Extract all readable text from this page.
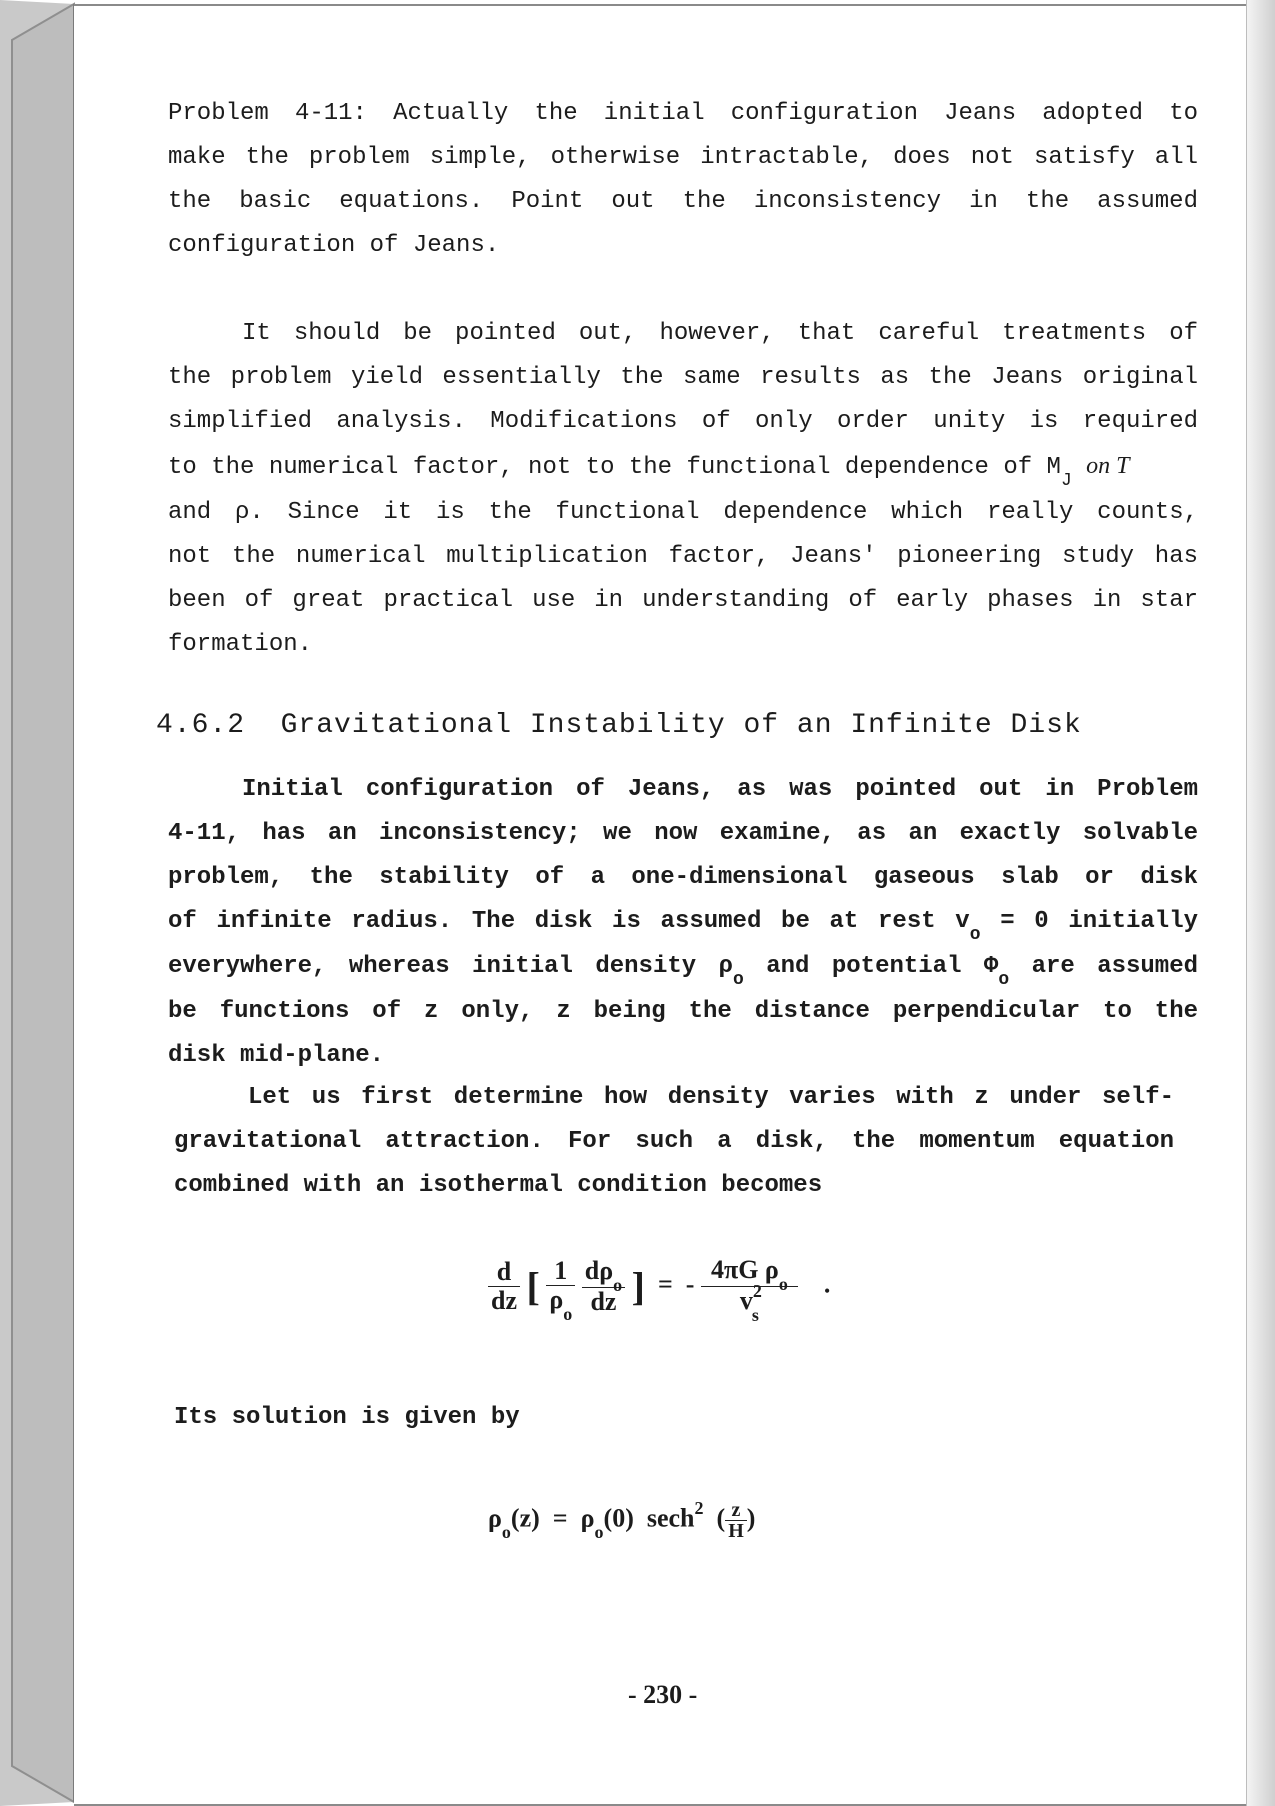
Problem 4-11: Actually the initial configuration Jeans adopted to
make the problem simple, otherwise intractable, does not satisfy all
the basic equations. Point out the inconsistency in the assumed
configuration of Jeans.
It should be pointed out, however, that careful treatments of
the problem yield essentially the same results as the Jeans original
simplified analysis. Modifications of only order unity is required
to the numerical factor, not to the functional dependence of $M_J$ on T
and ρ. Since it is the functional dependence which really counts,
not the numerical multiplication factor, Jeans' pioneering study has
been of great practical use in understanding of early phases in star
formation.
4.6.2 Gravitational Instability of an Infinite Disk
Initial configuration of Jeans, as was pointed out in Problem
4-11, has an inconsistency; we now examine, as an exactly solvable
problem, the stability of a one-dimensional gaseous slab or disk
of infinite radius. The disk is assumed be at rest $v_o = 0$ initially
everywhere, whereas initial density $\rho_o$ and potential $\Phi_o$ are assumed
be functions of z only, z being the distance perpendicular to the
disk mid-plane.
Let us first determine how density varies with z under self-
gravitational attraction. For such a disk, the momentum equation
combined with an isothermal condition becomes
$\frac{d}{dz}$ [ $\frac{1}{\rho_o}$
$\frac{d\rho_o}{dz}$ ] = - $\frac{4\pi G \rho_o}{v^2_s}$ .
Its solution is given by
$\rho_o(z) = \rho_o(0)$ sech$^2$  ( $\frac{z}{H}$ )
- 230 -
